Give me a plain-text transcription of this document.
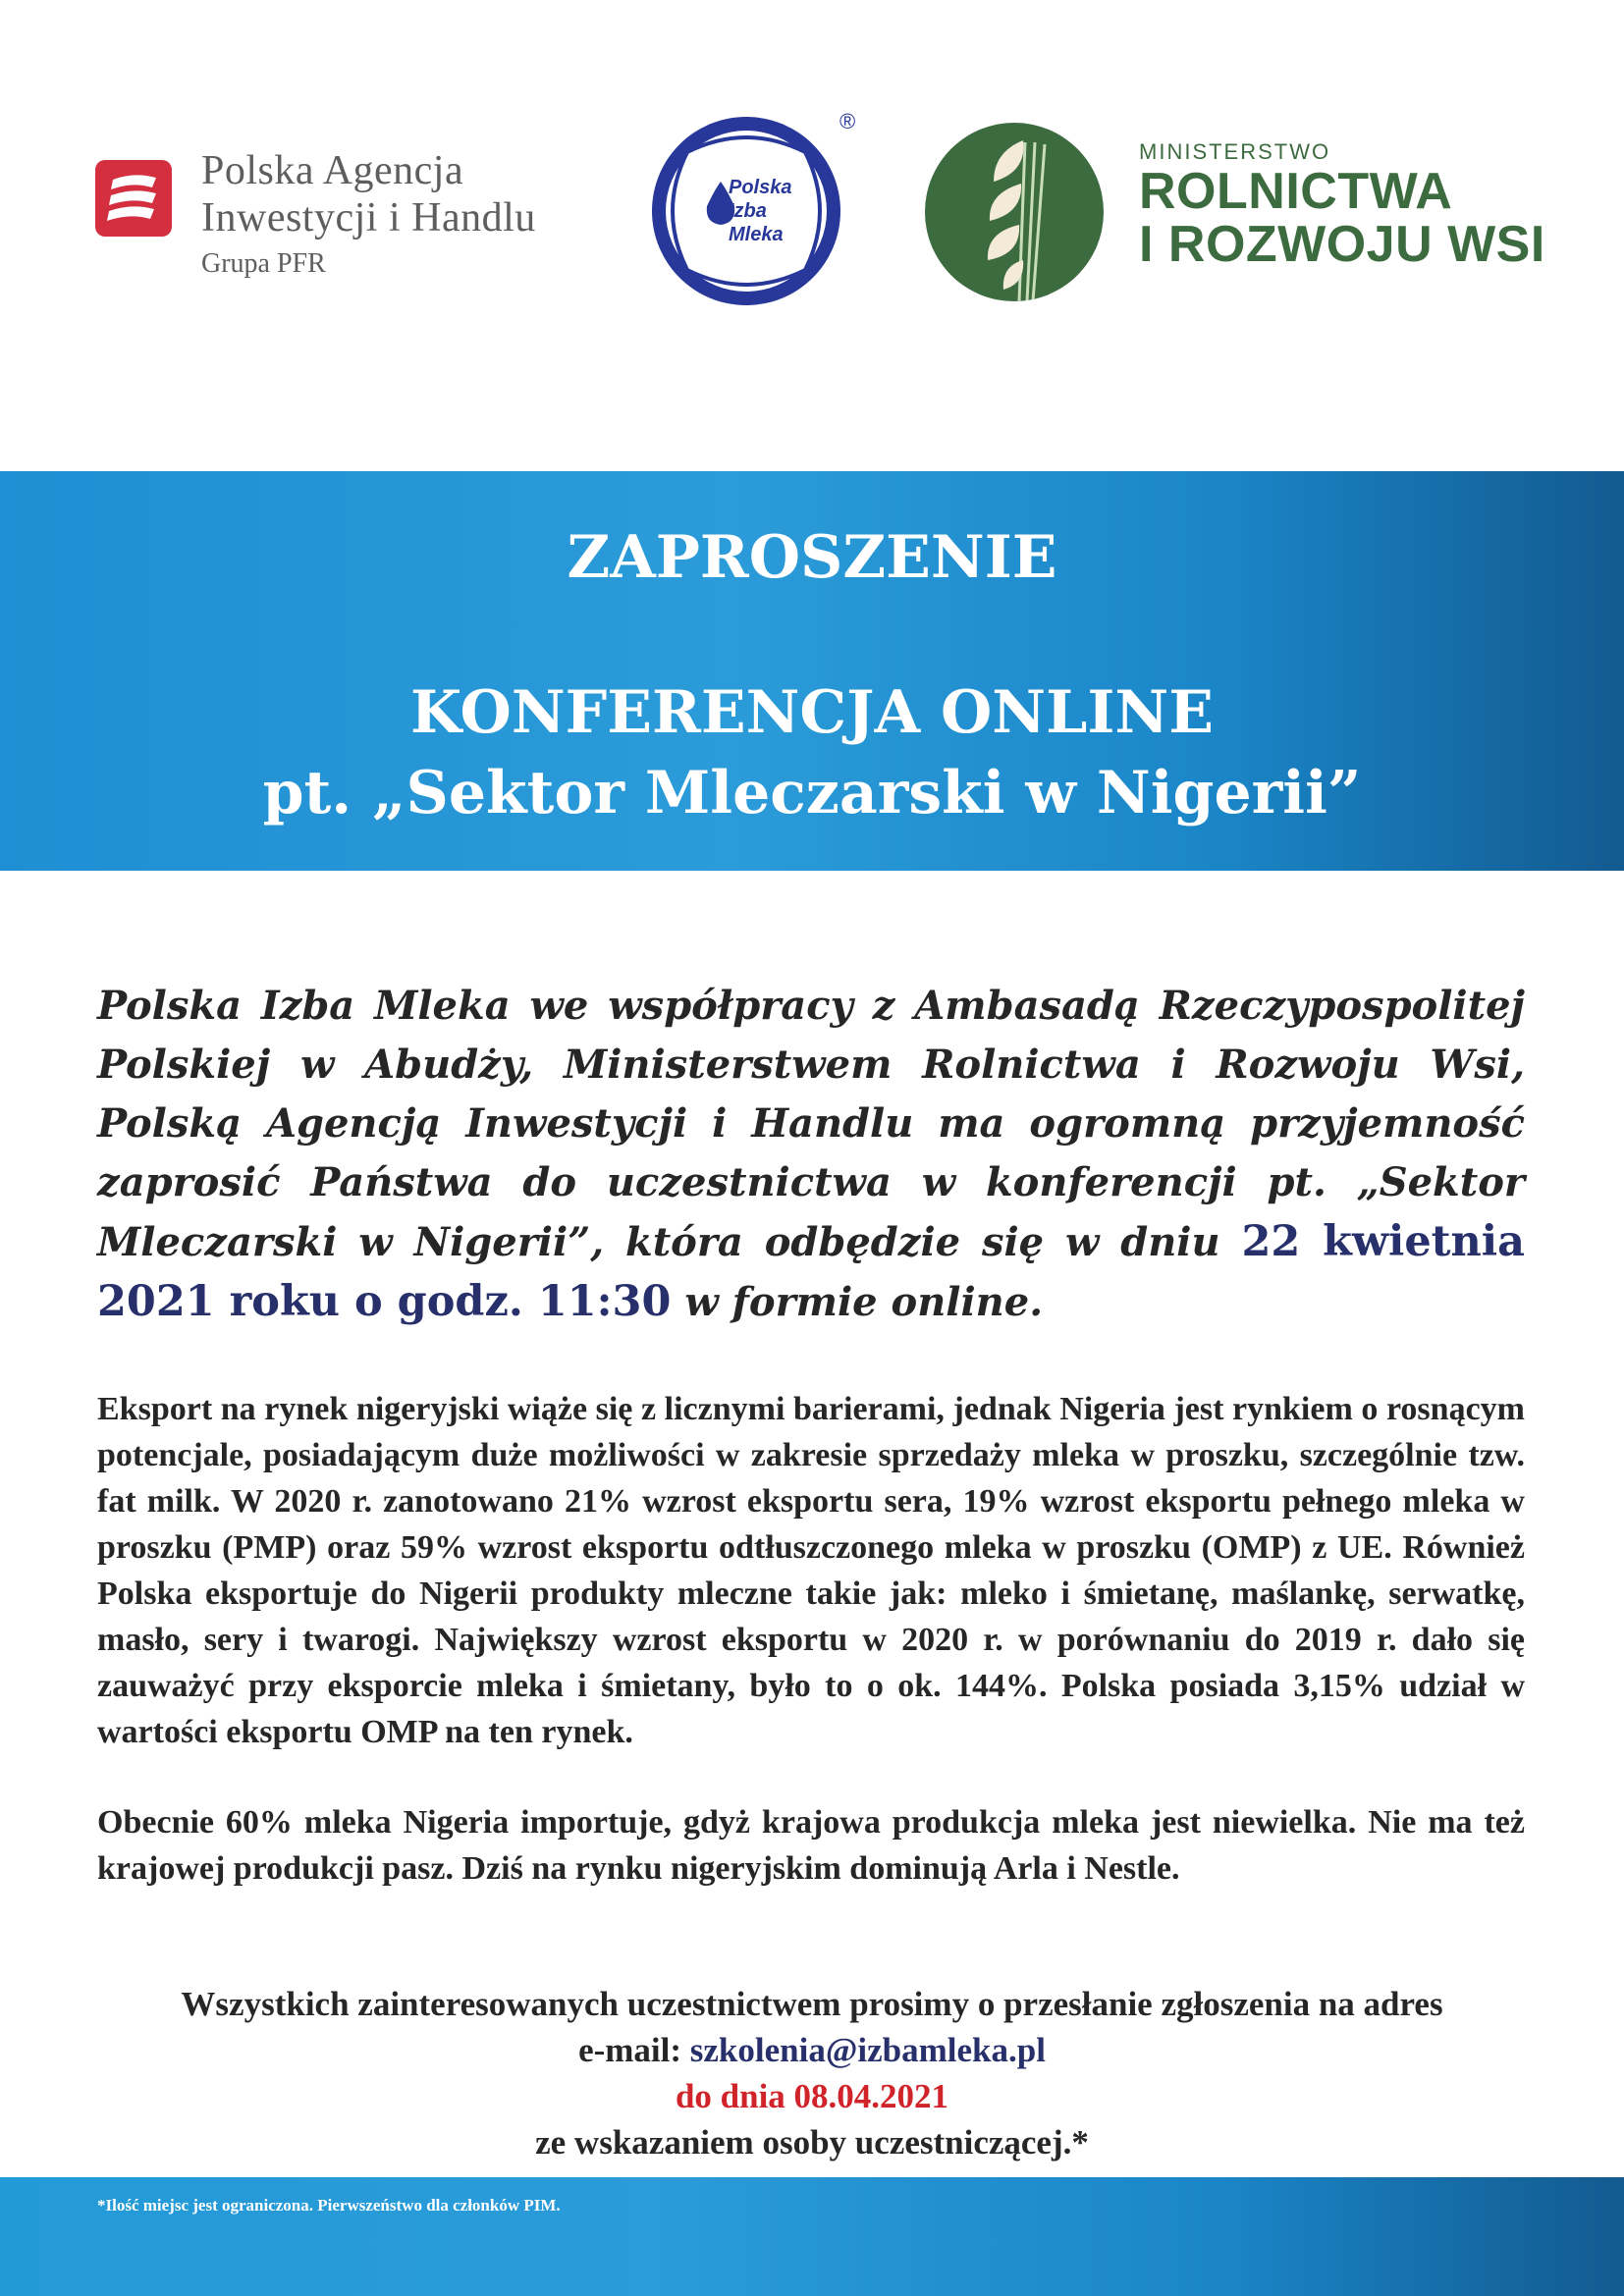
Polska Agencja
Inwestycji i Handlu
Grupa PFR
®
Polska
Izba
Mleka
MINISTERSTWO
ROLNICTWA
I ROZWOJU WSI
ZAPROSZENIE
KONFERENCJA ONLINE
pt. „Sektor Mleczarski w Nigerii”

Polska Izba Mleka we współpracy z Ambasadą Rzeczypospolitej Polskiej w Abudży, Ministerstwem Rolnictwa i Rozwoju Wsi, Polską Agencją Inwestycji i Handlu ma ogromną przyjemność zaprosić Państwa do uczestnictwa w konferencji pt. „Sektor Mleczarski w Nigerii”, która odbędzie się w dniu 22 kwietnia 2021 roku o godz. 11:30 w formie online.

Eksport na rynek nigeryjski wiąże się z licznymi barierami, jednak Nigeria jest rynkiem o rosnącym potencjale, posiadającym duże możliwości w zakresie sprzedaży mleka w proszku, szczególnie tzw. fat milk. W 2020 r. zanotowano 21% wzrost eksportu sera, 19% wzrost eksportu pełnego mleka w proszku (PMP) oraz 59% wzrost eksportu odtłuszczonego mleka w proszku (OMP) z UE. Również Polska eksportuje do Nigerii produkty mleczne takie jak: mleko i śmietanę, maślankę, serwatkę, masło, sery i twarogi. Największy wzrost eksportu w 2020 r. w porównaniu do 2019 r. dało się zauważyć przy eksporcie mleka i śmietany, było to o ok. 144%. Polska posiada 3,15% udział w wartości eksportu OMP na ten rynek.

Obecnie 60% mleka Nigeria importuje, gdyż krajowa produkcja mleka jest niewielka. Nie ma też krajowej produkcji pasz. Dziś na rynku nigeryjskim dominują Arla i Nestle.

Wszystkich zainteresowanych uczestnictwem prosimy o przesłanie zgłoszenia na adres
e-mail: szkolenia@izbamleka.pl
do dnia 08.04.2021
ze wskazaniem osoby uczestniczącej.*
*Ilość miejsc jest ograniczona. Pierwszeństwo dla członków PIM.
